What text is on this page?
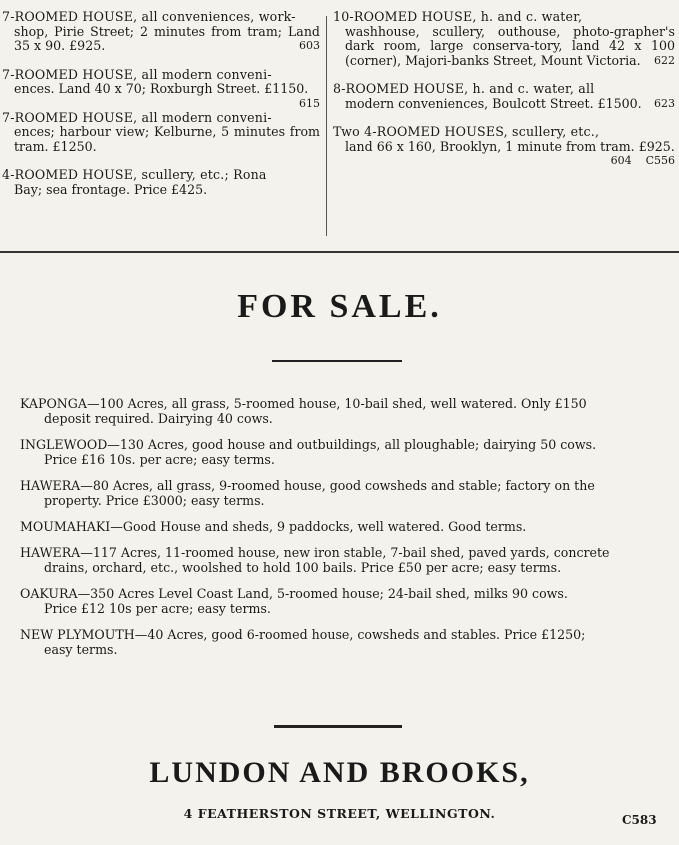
7-ROOMED HOUSE, all conveniences, work-
shop, Pirie Street; 2 minutes from tram; Land 35 x 90. £925.	603
7-ROOMED HOUSE, all modern conveni-
ences. Land 40 x 70; Roxburgh Street. £1150.
615
7-ROOMED HOUSE, all modern conveni-
ences; harbour view; Kelburne, 5 minutes from tram. £1250.
4-ROOMED HOUSE, scullery, etc.; Rona
Bay; sea frontage. Price £425.
10-ROOMED HOUSE, h. and c. water,
washhouse, scullery, outhouse, photo-grapher's dark room, large conserva-tory, land 42 x 100 (corner), Majori-banks Street, Mount Victoria. 622
8-ROOMED HOUSE, h. and c. water, all
modern conveniences, Boulcott Street. £1500. 623
Two 4-ROOMED HOUSES, scullery, etc.,
land 66 x 160, Brooklyn, 1 minute from tram. £925.
C556
604
FOR SALE.
KAPONGA—100 Acres, all grass, 5-roomed house, 10-bail shed, well watered. Only £150
deposit required. Dairying 40 cows.
INGLEWOOD—130 Acres, good house and outbuildings, all ploughable; dairying 50 cows.
Price £16 10s. per acre; easy terms.
HAWERA—80 Acres, all grass, 9-roomed house, good cowsheds and stable; factory on the
property. Price £3000; easy terms.
MOUMAHAKI—Good House and sheds, 9 paddocks, well watered. Good terms.
HAWERA—117 Acres, 11-roomed house, new iron stable, 7-bail shed, paved yards, concrete
drains, orchard, etc., woolshed to hold 100 bails. Price £50 per acre; easy terms.
OAKURA—350 Acres Level Coast Land, 5-roomed house; 24-bail shed, milks 90 cows.
Price £12 10s per acre; easy terms.
NEW PLYMOUTH—40 Acres, good 6-roomed house, cowsheds and stables. Price £1250;
easy terms.
LUNDON AND BROOKS,
4 FEATHERSTON STREET, WELLINGTON.	C583
